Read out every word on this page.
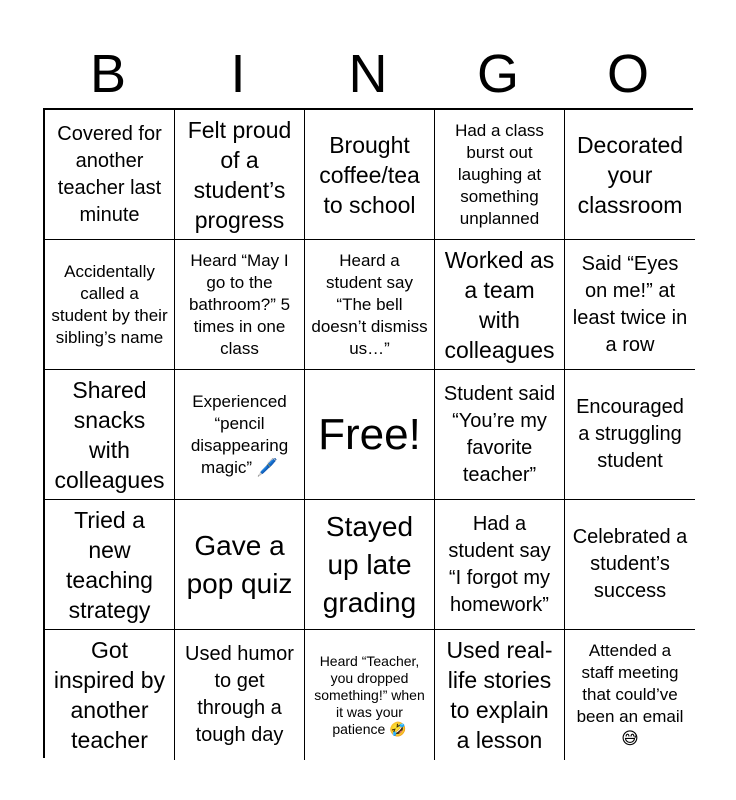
B	I	N	G	O
Covered for another teacher last minute
Felt proud of a student’s progress
Brought coffee/tea to school
Had a class burst out laughing at something unplanned
Decorated your classroom
Accidentally called a student by their sibling’s name
Heard “May I go to the bathroom?” 5 times in one class
Heard a student say “The bell doesn’t dismiss us…”
Worked as a team with colleagues
Said “Eyes on me!” at least twice in a row
Shared snacks with colleagues
Experienced “pencil disappearing magic” 🖊️
Free!
Student said “You’re my favorite teacher”
Encouraged a struggling student
Tried a new teaching strategy
Gave a pop quiz
Stayed up late grading
Had a student say “I forgot my homework”
Celebrated a student’s success
Got inspired by another teacher
Used humor to get through a tough day
Heard “Teacher, you dropped something!” when it was your patience 🤣
Used real-life stories to explain a lesson
Attended a staff meeting that could’ve been an email 😅
